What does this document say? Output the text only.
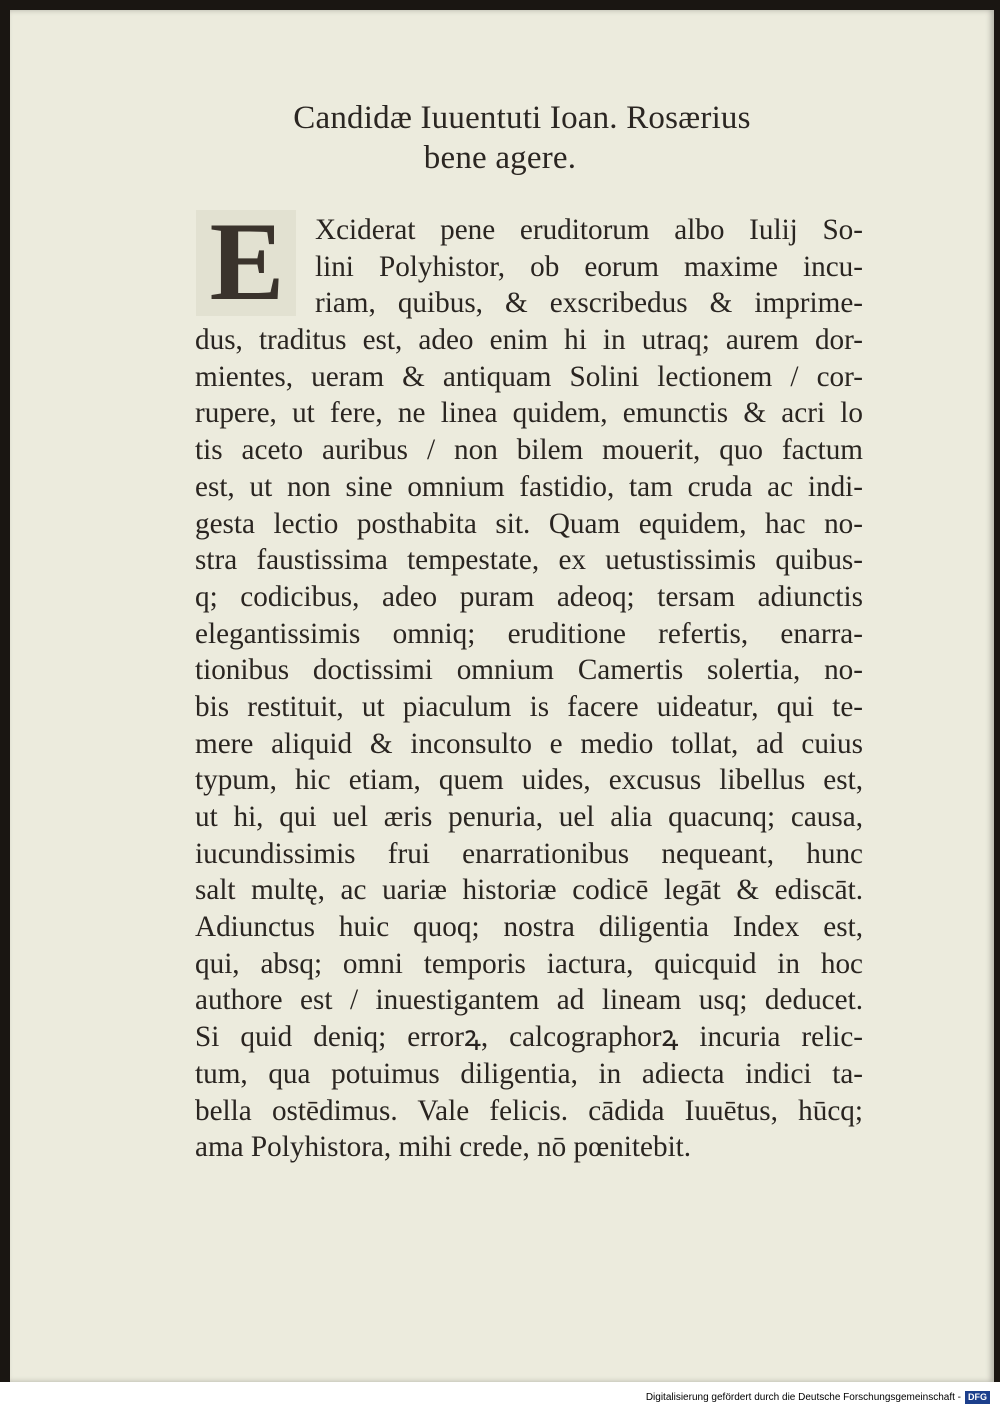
Candidæ Iuuentuti Ioan. Rosærius
bene agere.
E	Xciderat pene eruditorum albo Iulij So-
lini Polyhistor, ob eorum maxime incu-
riam, quibus, & exscribedus & imprime-
dus, traditus est, adeo enim hi in utraq; aurem dor-
mientes, ueram & antiquam Solini lectionem / cor-
rupere, ut fere, ne linea quidem, emunctis & acri lo
tis aceto auribus / non bilem mouerit, quo factum
est, ut non sine omnium fastidio, tam cruda ac indi-
gesta lectio posthabita sit. Quam equidem, hac no-
stra faustissima tempestate, ex uetustissimis quibus-
q; codicibus, adeo puram adeoq; tersam adiunctis
elegantissimis omniq; eruditione refertis, enarra-
tionibus doctissimi omnium Camertis solertia, no-
bis restituit, ut piaculum is facere uideatur, qui te-
mere aliquid & inconsulto e medio tollat, ad cuius
typum, hic etiam, quem uides, excusus libellus est,
ut hi, qui uel æris penuria, uel alia quacunq; causa,
iucundissimis frui enarrationibus nequeant, hunc
salt multę, ac uariæ historiæ codicē legāt & ediscāt.
Adiunctus huic quoq; nostra diligentia Index est,
qui, absq; omni temporis iactura, quicquid in hoc
authore est / inuestigantem ad lineam usq; deducet.
Si quid deniq; errorꝝ, calcographorꝝ incuria relic-
tum, qua potuimus diligentia, in adiecta indici ta-
bella ostēdimus. Vale felicis. cādida Iuuētus, hūcq;
ama Polyhistora, mihi crede, nō pœnitebit.
Digitalisierung gefördert durch die Deutsche Forschungsgemeinschaft - DFG
